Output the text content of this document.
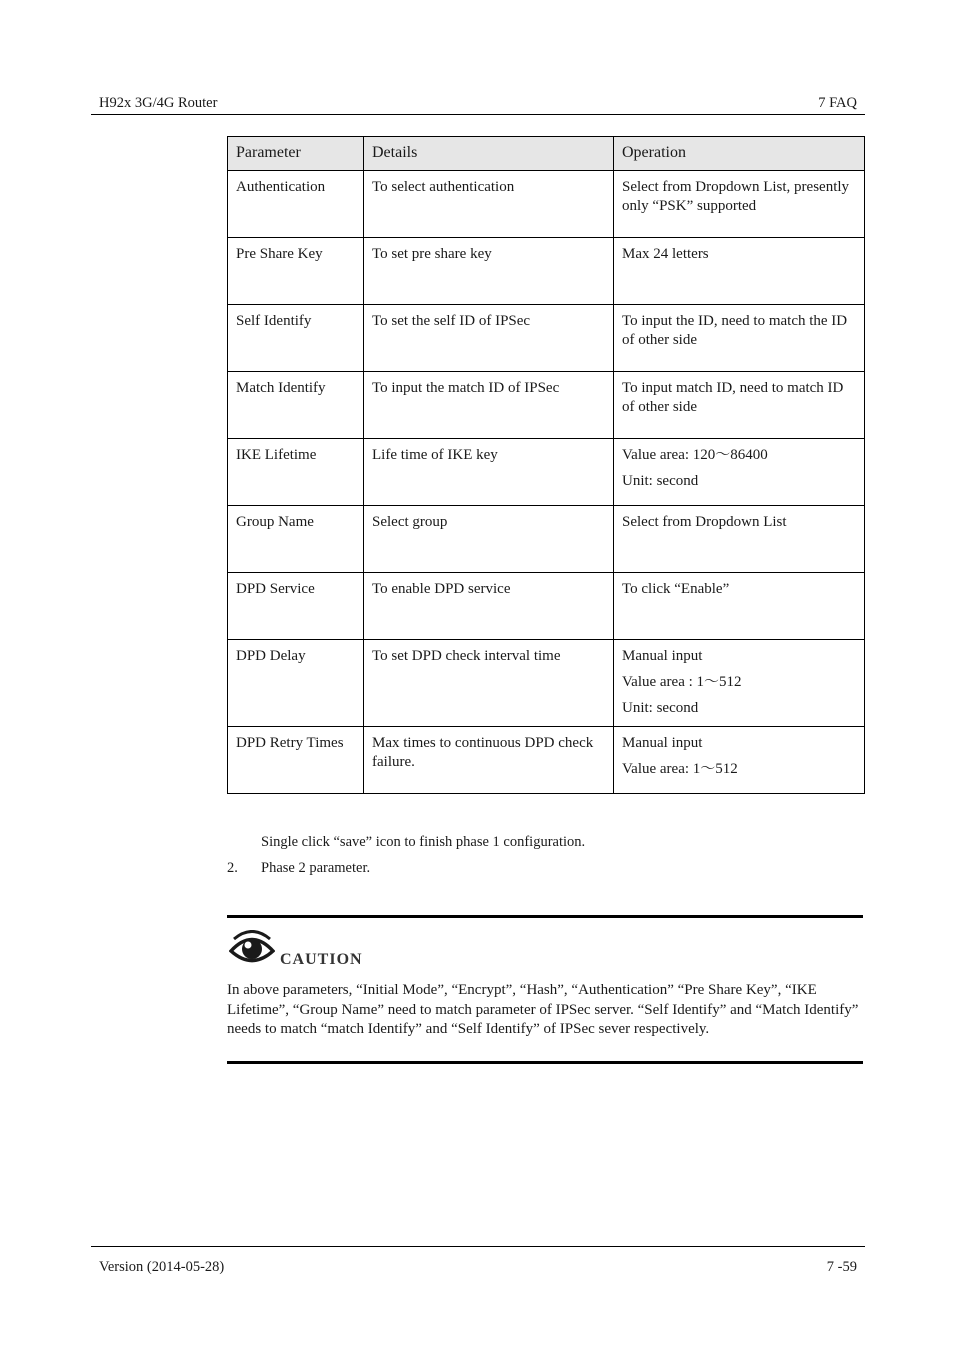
H92x 3G/4G Router	7 FAQ
Parameter	Details	Operation
Authentication	To select authentication	Select from Dropdown List, presently only “PSK” supported

Pre Share Key	To set pre share key	Max 24 letters

Self Identify	To set the self ID of IPSec	To input the ID, need to match the ID of other side

Match Identify	To input the match ID of IPSec	To input match ID, need to match ID of other side

IKE Lifetime	Life time of IKE key	Value area: 120～86400
Unit: second

Group Name	Select group	Select from Dropdown List

DPD Service	To enable DPD service	To click “Enable”

DPD Delay	To set DPD check interval time	Manual input
Value area : 1～512
Unit: second

DPD Retry Times	Max times to continuous DPD check failure.	Manual input
Value area: 1～512
Single click “save” icon to finish phase 1 configuration.
2. Phase 2 parameter.
CAUTION
In above parameters, “Initial Mode”, “Encrypt”, “Hash”, “Authentication” “Pre Share Key”, “IKE Lifetime”, “Group Name” need to match parameter of IPSec server. “Self Identify” and “Match Identify” needs to match “match Identify” and “Self Identify” of IPSec sever respectively.
Version (2014-05-28)	7 -59
